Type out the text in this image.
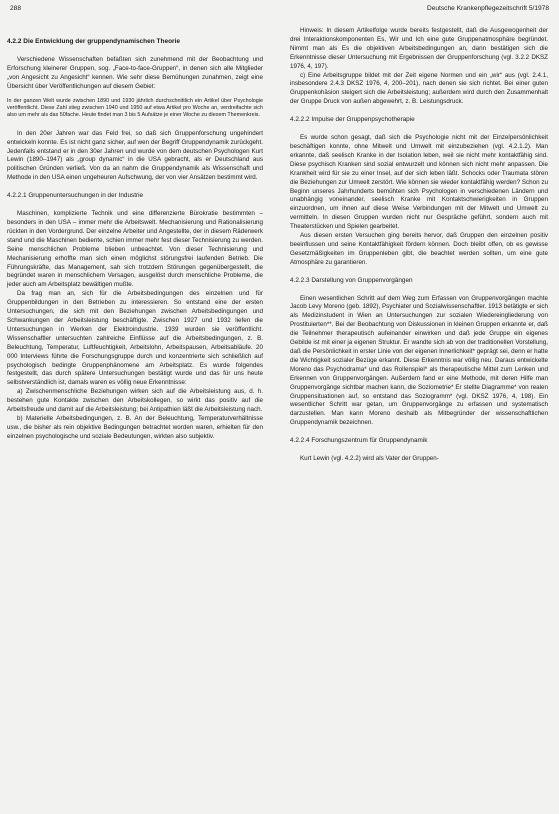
288	Deutsche Krankenpflegezeitschrift 5/1978
4.2.2 Die Entwicklung der gruppendynamischen Theorie

Verschiedene Wissenschaften befaßten sich zunehmend mit der Beobachtung und Erforschung kleinerer Gruppen, sog. „Face-to-face-Gruppen“, in denen sich alle Mitglieder „von Angesicht zu Angesicht“ kennen. Wie sehr diese Bemühungen zunahmen, zeigt eine Übersicht über Veröffentlichungen auf diesem Gebiet:

In der ganzen Welt wurde zwischen 1890 und 1930 jährlich durchschnittlich ein Artikel über Psychologie veröffentlicht. Diese Zahl stieg zwischen 1940 und 1950 auf etwa Artikel pro Woche an, verdreifachte sich also um mehr als das 50fache. Heute findet man 3 bis 5 Aufsätze je einer Woche zu diesem Themenkreis.

In den 20er Jahren war das Feld frei, so daß sich Gruppenforschung ungehindert entwickeln konnte. Es ist nicht ganz sicher, auf wen der Begriff Gruppendynamik zurückgeht. Jedenfalls entstand er in den 30er Jahren und wurde von dem deutschen Psychologen Kurt Lewin (1890–1947) als „group dynamic“ in die USA gebracht, als er Deutschland aus politischen Gründen verließ. Von da an nahm die Gruppendynamik als Wissenschaft und Methode in den USA einen ungeheuren Aufschwung, der von vier Ansätzen bestimmt wird.

4.2.2.1 Gruppenuntersuchungen in der Industrie

Maschinen, komplizierte Technik und eine differenzierte Bürokratie bestimmten – besonders in den USA – immer mehr die Arbeitswelt. Mechanisierung und Rationalisierung rückten in den Vordergrund. Der einzelne Arbeiter und Angestellte, der in diesem Räderwerk stand und die Maschinen bediente, schien immer mehr fest dieser Technisierung zu werden. Seine menschlichen Probleme blieben unbeachtet. Von dieser Technisierung und Mechanisierung erhoffte man sich einen möglichst störungsfrei laufenden Betrieb. Die Führungskräfte, das Management, sah sich trotzdem Störungen gegenübergestellt, die begründet waren in menschlichem Versagen, ausgelöst durch menschliche Probleme, die jeder auch am Arbeitsplatz bewältigen mußte.

Da frag man an, sich für die Arbeitsbedingungen des einzelnen und für Gruppenbildungen in den Betrieben zu interessieren. So entstand eine der ersten Untersuchungen, die sich mit den Beziehungen zwischen Arbeitsbedingungen und Schwankungen der Arbeitsleistung beschäftigte. Zwischen 1927 und 1932 liefen die Untersuchungen in Werken der Elektroindustrie. 1939 wurden sie veröffentlicht. Wissenschaftler untersuchten zahlreiche Einflüsse auf die Arbeitsbedingungen, z. B. Beleuchtung, Temperatur, Luftfeuchtigkeit, Arbeitslohn, Arbeitspausen, Arbeitsabläufe. 20 000 Interviews führte die Forschungsgruppe durch und konzentrierte sich schließlich auf psychologisch bedingte Gruppenphänomene am Arbeitsplatz. Es wurde folgendes festgestellt, das durch spätere Untersuchungen bestätigt wurde und das für uns heute selbstverständlich ist, damals waren es völlig neue Erkenntnisse:

a) Zwischenmenschliche Beziehungen wirken sich auf die Arbeitsleistung aus, d. h. bestehen gute Kontakte zwischen den Arbeitskollegen, so wirkt das positiv auf die Arbeitsfreude und damit auf die Arbeitsleistung; bei Antipathien läßt die Arbeitsleistung nach.

b) Materielle Arbeitsbedingungen, z. B. An der Beleuchtung, Temperaturverhältnisse usw., die bisher als rein objektive Bedingungen betrachtet worden waren, erhielten für den einzelnen psychologische und soziale Bedeutungen, wirkten also subjektiv.

Hinweis: In diesem Artikelfolge wurde bereits festgestellt, daß die Ausgewogenheit der drei Interaktionskomponenten Es, Wir und Ich eine gute Gruppenatmosphäre begründet. Nimmt man als Es die objektiven Arbeitsbedingungen an, dann bestätigen sich die Erkenntnisse dieser Untersuchung mit Ergebnissen der Gruppenforschung (vgl. 3.2.2 DKSZ 1976, 4, 197).

c) Eine Arbeitsgruppe bildet mit der Zeit eigene Normen und ein „wir“ aus (vgl. 2.4.1, insbesondere 2.4.3 DKSZ 1976, 4, 200–201), nach denen sie sich richtet. Bei einer guten Gruppenkohäsion steigert sich die Arbeitsleistung; außerdem wird durch den Zusammenhalt der Gruppe Druck von außen abgewehrt, z. B. Leistungsdruck.

4.2.2.2 Impulse der Gruppenpsychotherapie

Es wurde schon gesagt, daß sich die Psychologie nicht mit der Einzelpersönlichkeit beschäftigen konnte, ohne Mitwelt und Umwelt mit einzubeziehen (vgl. 4.2.1.2). Man erkannte, daß seelisch Kranke in der Isolation leben, weil sie nicht mehr kontaktfähig sind. Diese psychisch Kranken sind sozial entwurzelt und können sich nicht mehr anpassen. Die Krankheit wird für sie zu einer Insel, auf der sich leben läßt. Schocks oder Traumata stören die Beziehungen zur Umwelt zerstört. Wie können sie wieder kontaktfähig werden? Schon zu Beginn unseres Jahrhunderts bemühten sich Psychologen in verschiedenen Ländern und unabhängig voneinander, seelisch Kranke mit Kontaktschwierigkeiten in Gruppen einzuordnen, um ihnen auf diese Weise Verbindungen mit der Mitwelt und Umwelt zu vermitteln. In diesen Gruppen wurden nicht nur Gespräche geführt, sondern auch mit Theaterstücken und Spielen gearbeitet.

Aus diesen ersten Versuchen ging bereits hervor, daß Gruppen den einzelnen positiv beeinflussen und seine Kontaktfähigkeit fördern können. Doch bleibt offen, ob es gewisse Gesetzmäßigkeiten im Gruppenleben gibt, die beachtet werden sollten, um eine gute Atmosphäre zu garantieren.

4.2.2.3 Darstellung von Gruppenvorgängen

Einen wesentlichen Schritt auf dem Weg zum Erfassen von Gruppenvorgängen machte Jacob Levy Moreno (geb. 1892), Psychiater und Sozialwissenschaftler. 1913 betätigte er sich als Medizinstudent in Wien an Untersuchungen zur sozialen Wiedereingliederung von Prostituierten**. Bei der Beobachtung von Diskussionen in kleinen Gruppen erkannte er, daß die Teilnehmer therapeutisch aufeinander einwirken und daß jede Gruppe ein eigenes Gebilde ist mit einer ja eigenen Struktur. Er wandte sich ab von der traditionellen Vorstellung, daß die Persönlichkeit in erster Linie von der eigenen Innerlichkeit* geprägt sei, denn er hatte die Wichtigkeit sozialer Bezüge erkannt. Diese Erkenntnis war völlig neu. Daraus entwickelte Moreno das Psychodrama* und das Rollenspiel* als therapeutische Mittel zum Lenken und Erkennen von Gruppenvorgängen. Außerdem fand er eine Methode, mit deren Hilfe man Gruppenvorgänge sichtbar machen kann, die Soziometrie* Er stellte Diagramme* von realen Gruppensituationen auf, so entstand das Soziogramm* (vgl. DKSZ 1976, 4, 198). Ein wesentlicher Schritt war getan, um Gruppenvorgänge zu erfassen und systematisch darzustellen. Man kann Moreno deshalb als Mitbegründer der wissenschaftlichen Gruppendynamik bezeichnen.

4.2.2.4 Forschungszentrum für Gruppendynamik

Kurt Lewin (vgl. 4.2.2) wird als Vater der Gruppen-
